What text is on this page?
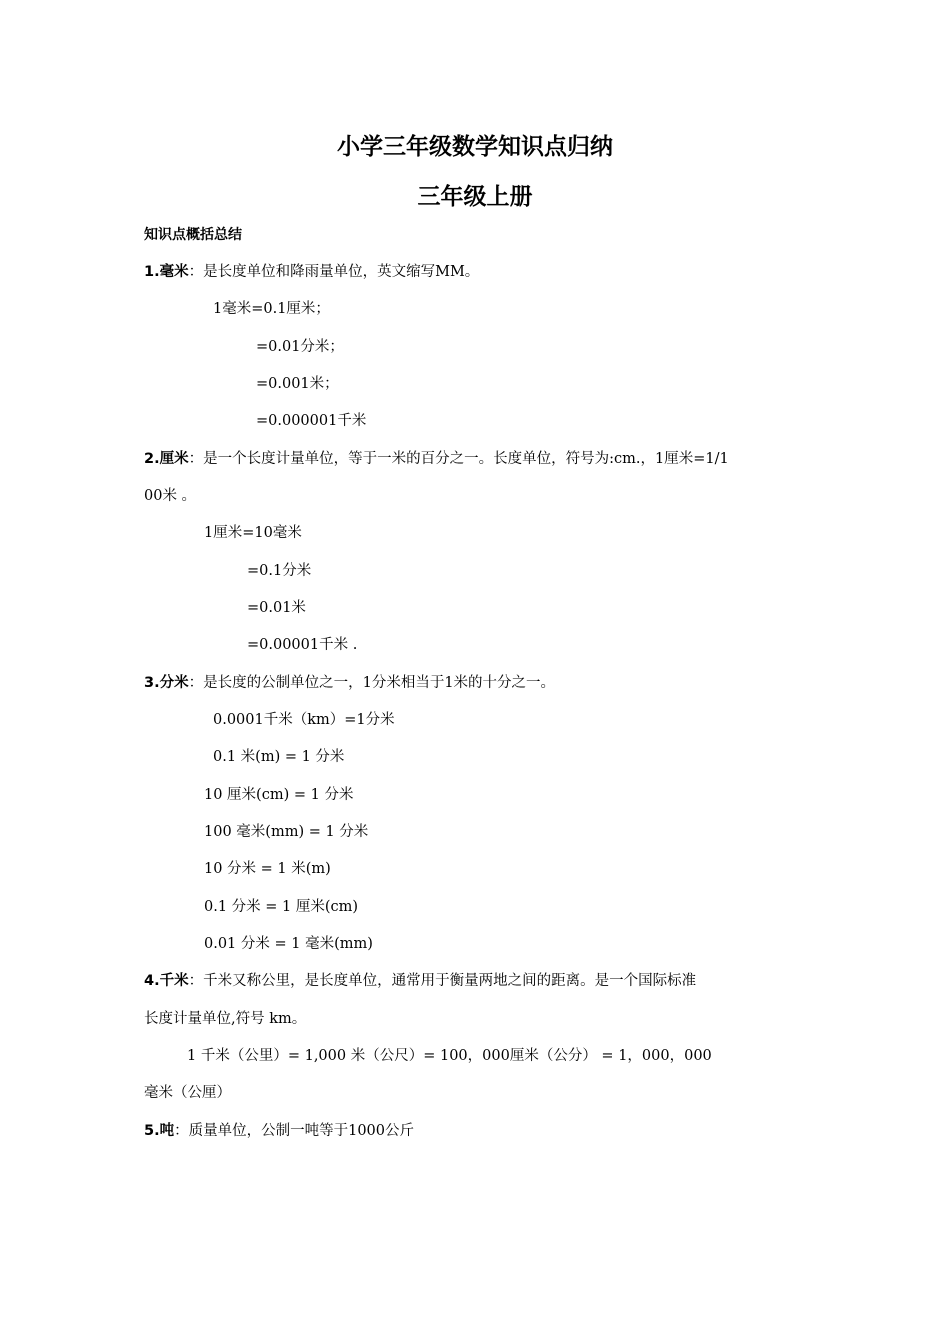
小学三年级数学知识点归纳
三年级上册
知识点概括总结
1.毫米：是长度单位和降雨量单位，英文缩写MM。
1毫米=0.1厘米；
=0.01分米；
=0.001米；
=0.000001千米
2.厘米：是一个长度计量单位，等于一米的百分之一。长度单位，符号为:cm.，1厘米=1/1
00米 。
1厘米=10毫米
=0.1分米
=0.01米
=0.00001千米 .
3.分米：是长度的公制单位之一，1分米相当于1米的十分之一。
0.0001千米（km）=1分米
0.1 米(m) = 1 分米
10 厘米(cm) = 1 分米
100 毫米(mm) = 1 分米
10 分米 = 1 米(m)
0.1 分米 = 1 厘米(cm)
0.01 分米 = 1 毫米(mm)
4.千米：千米又称公里，是长度单位，通常用于衡量两地之间的距离。是一个国际标准
长度计量单位,符号 km。
1 千米（公里）= 1,000 米（公尺）= 100，000厘米（公分） = 1，000，000
毫米（公厘）
5.吨：质量单位，公制一吨等于1000公斤
